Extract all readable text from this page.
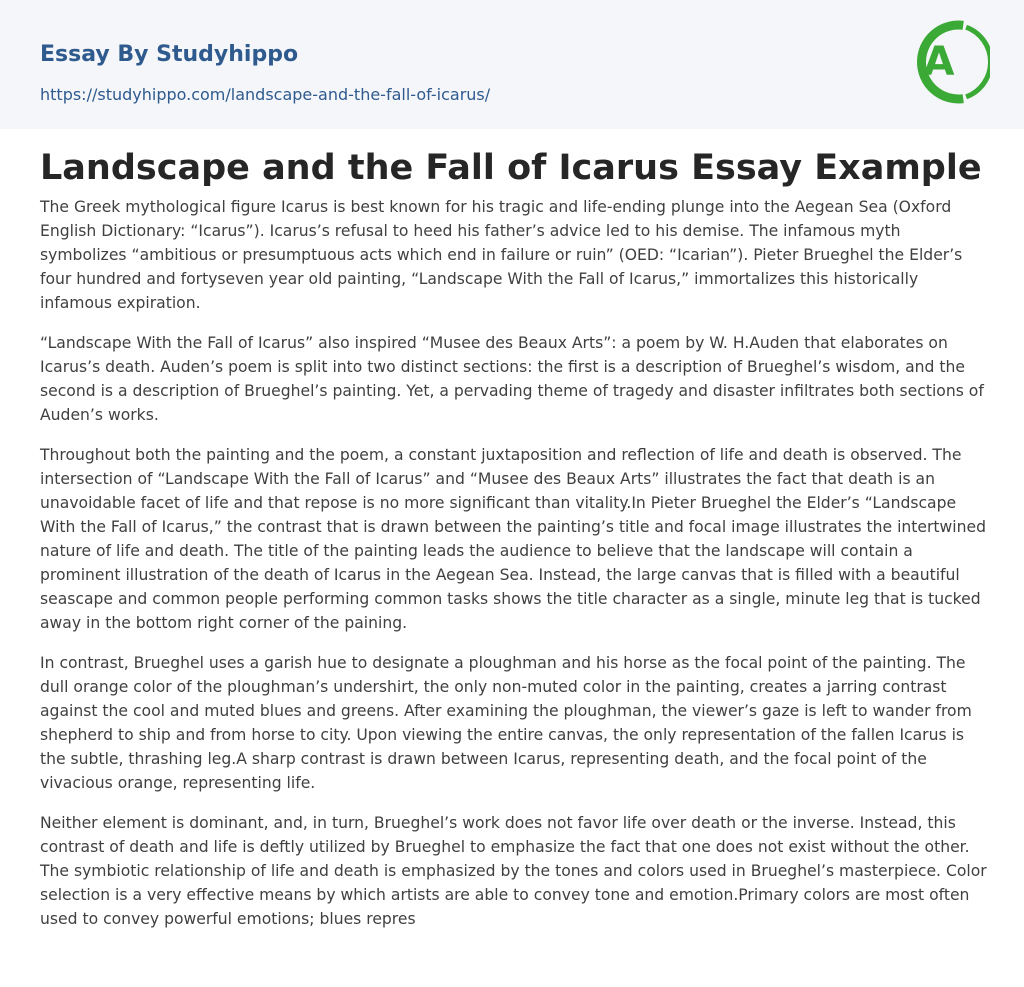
Essay By Studyhippo
https://studyhippo.com/landscape-and-the-fall-of-icarus/
A
Landscape and the Fall of Icarus Essay Example

The Greek mythological figure Icarus is best known for his tragic and life-ending plunge into the Aegean Sea (Oxford English Dictionary: “Icarus”). Icarus’s refusal to heed his father’s advice led to his demise. The infamous myth symbolizes “ambitious or presumptuous acts which end in failure or ruin” (OED: “Icarian”). Pieter Brueghel the Elder’s four hundred and fortyseven year old painting, “Landscape With the Fall of Icarus,” immortalizes this historically infamous expiration.

“Landscape With the Fall of Icarus” also inspired “Musee des Beaux Arts”: a poem by W. H.Auden that elaborates on Icarus’s death. Auden’s poem is split into two distinct sections: the first is a description of Brueghel’s wisdom, and the second is a description of Brueghel’s painting. Yet, a pervading theme of tragedy and disaster infiltrates both sections of Auden’s works.

Throughout both the painting and the poem, a constant juxtaposition and reflection of life and death is observed. The intersection of “Landscape With the Fall of Icarus” and “Musee des Beaux Arts” illustrates the fact that death is an unavoidable facet of life and that repose is no more significant than vitality.In Pieter Brueghel the Elder’s “Landscape With the Fall of Icarus,” the contrast that is drawn between the painting’s title and focal image illustrates the intertwined nature of life and death. The title of the painting leads the audience to believe that the landscape will contain a prominent illustration of the death of Icarus in the Aegean Sea. Instead, the large canvas that is filled with a beautiful seascape and common people performing common tasks shows the title character as a single, minute leg that is tucked away in the bottom right corner of the paining.

In contrast, Brueghel uses a garish hue to designate a ploughman and his horse as the focal point of the painting. The dull orange color of the ploughman’s undershirt, the only non-muted color in the painting, creates a jarring contrast against the cool and muted blues and greens. After examining the ploughman, the viewer’s gaze is left to wander from shepherd to ship and from horse to city. Upon viewing the entire canvas, the only representation of the fallen Icarus is the subtle, thrashing leg.A sharp contrast is drawn between Icarus, representing death, and the focal point of the vivacious orange, representing life.

Neither element is dominant, and, in turn, Brueghel’s work does not favor life over death or the inverse. Instead, this contrast of death and life is deftly utilized by Brueghel to emphasize the fact that one does not exist without the other. The symbiotic relationship of life and death is emphasized by the tones and colors used in Brueghel’s masterpiece. Color selection is a very effective means by which artists are able to convey tone and emotion.Primary colors are most often used to convey powerful emotions; blues repres
